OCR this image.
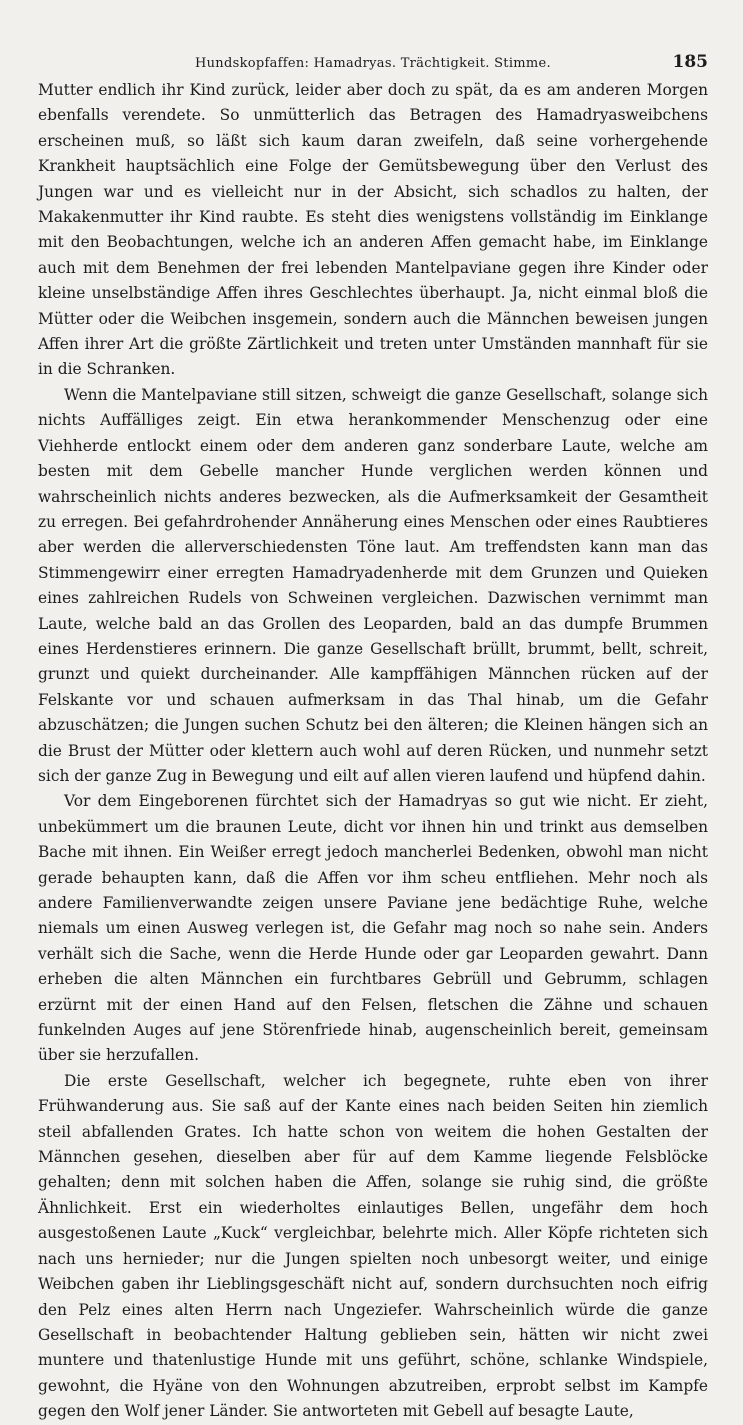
Hundskopfaffen: Hamadryas. Trächtigkeit. Stimme.	185

Mutter endlich ihr Kind zurück, leider aber doch zu spät, da es am anderen Morgen ebenfalls verendete. So unmütterlich das Betragen des Hamadryasweibchens erscheinen muß, so läßt sich kaum daran zweifeln, daß seine vorhergehende Krankheit hauptsächlich eine Folge der Gemütsbewegung über den Verlust des Jungen war und es vielleicht nur in der Absicht, sich schadlos zu halten, der Makakenmutter ihr Kind raubte. Es steht dies wenigstens vollständig im Einklange mit den Beobachtungen, welche ich an anderen Affen gemacht habe, im Einklange auch mit dem Benehmen der frei lebenden Mantelpaviane gegen ihre Kinder oder kleine unselbständige Affen ihres Geschlechtes überhaupt. Ja, nicht einmal bloß die Mütter oder die Weibchen insgemein, sondern auch die Männchen beweisen jungen Affen ihrer Art die größte Zärtlichkeit und treten unter Umständen mannhaft für sie in die Schranken.

Wenn die Mantelpaviane still sitzen, schweigt die ganze Gesellschaft, solange sich nichts Auffälliges zeigt. Ein etwa herankommender Menschenzug oder eine Viehherde entlockt einem oder dem anderen ganz sonderbare Laute, welche am besten mit dem Gebelle mancher Hunde verglichen werden können und wahrscheinlich nichts anderes bezwecken, als die Aufmerksamkeit der Gesamtheit zu erregen. Bei gefahrdrohender Annäherung eines Menschen oder eines Raubtieres aber werden die allerverschiedensten Töne laut. Am treffendsten kann man das Stimmengewirr einer erregten Hamadryadenherde mit dem Grunzen und Quieken eines zahlreichen Rudels von Schweinen vergleichen. Dazwischen vernimmt man Laute, welche bald an das Grollen des Leoparden, bald an das dumpfe Brummen eines Herdenstieres erinnern. Die ganze Gesellschaft brüllt, brummt, bellt, schreit, grunzt und quiekt durcheinander. Alle kampffähigen Männchen rücken auf der Felskante vor und schauen aufmerksam in das Thal hinab, um die Gefahr abzuschätzen; die Jungen suchen Schutz bei den älteren; die Kleinen hängen sich an die Brust der Mütter oder klettern auch wohl auf deren Rücken, und nunmehr setzt sich der ganze Zug in Bewegung und eilt auf allen vieren laufend und hüpfend dahin.

Vor dem Eingeborenen fürchtet sich der Hamadryas so gut wie nicht. Er zieht, unbekümmert um die braunen Leute, dicht vor ihnen hin und trinkt aus demselben Bache mit ihnen. Ein Weißer erregt jedoch mancherlei Bedenken, obwohl man nicht gerade behaupten kann, daß die Affen vor ihm scheu entfliehen. Mehr noch als andere Familienverwandte zeigen unsere Paviane jene bedächtige Ruhe, welche niemals um einen Ausweg verlegen ist, die Gefahr mag noch so nahe sein. Anders verhält sich die Sache, wenn die Herde Hunde oder gar Leoparden gewahrt. Dann erheben die alten Männchen ein furchtbares Gebrüll und Gebrumm, schlagen erzürnt mit der einen Hand auf den Felsen, fletschen die Zähne und schauen funkelnden Auges auf jene Störenfriede hinab, augenscheinlich bereit, gemeinsam über sie herzufallen.

Die erste Gesellschaft, welcher ich begegnete, ruhte eben von ihrer Frühwanderung aus. Sie saß auf der Kante eines nach beiden Seiten hin ziemlich steil abfallenden Grates. Ich hatte schon von weitem die hohen Gestalten der Männchen gesehen, dieselben aber für auf dem Kamme liegende Felsblöcke gehalten; denn mit solchen haben die Affen, solange sie ruhig sind, die größte Ähnlichkeit. Erst ein wiederholtes einlautiges Bellen, ungefähr dem hoch ausgestoßenen Laute „Kuck“ vergleichbar, belehrte mich. Aller Köpfe richteten sich nach uns hernieder; nur die Jungen spielten noch unbesorgt weiter, und einige Weibchen gaben ihr Lieblingsgeschäft nicht auf, sondern durchsuchten noch eifrig den Pelz eines alten Herrn nach Ungeziefer. Wahrscheinlich würde die ganze Gesellschaft in beobachtender Haltung geblieben sein, hätten wir nicht zwei muntere und thatenlustige Hunde mit uns geführt, schöne, schlanke Windspiele, gewohnt, die Hyäne von den Wohnungen abzutreiben, erprobt selbst im Kampfe gegen den Wolf jener Länder. Sie antworteten mit Gebell auf besagte Laute,
